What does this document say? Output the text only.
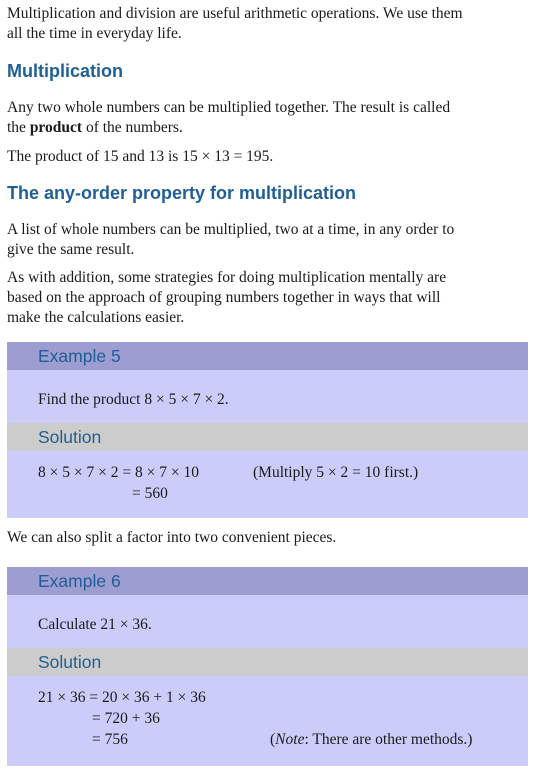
Multiplication and division are useful arithmetic operations. We use them
all the time in everyday life.

Multiplication

Any two whole numbers can be multiplied together. The result is called
the product of the numbers.

The product of 15 and 13 is 15 × 13 = 195.

The any-order property for multiplication

A list of whole numbers can be multiplied, two at a time, in any order to
give the same result.

As with addition, some strategies for doing multiplication mentally are
based on the approach of grouping numbers together in ways that will
make the calculations easier.

Example 5
Find the product 8 × 5 × 7 × 2.
Solution
8 × 5 × 7 × 2 = 8 × 7 × 10	(Multiply 5 × 2 = 10 first.)
= 560

We can also split a factor into two convenient pieces.

Example 6
Calculate 21 × 36.
Solution
21 × 36 = 20 × 36 + 1 × 36
= 720 + 36
= 756	(Note: There are other methods.)
